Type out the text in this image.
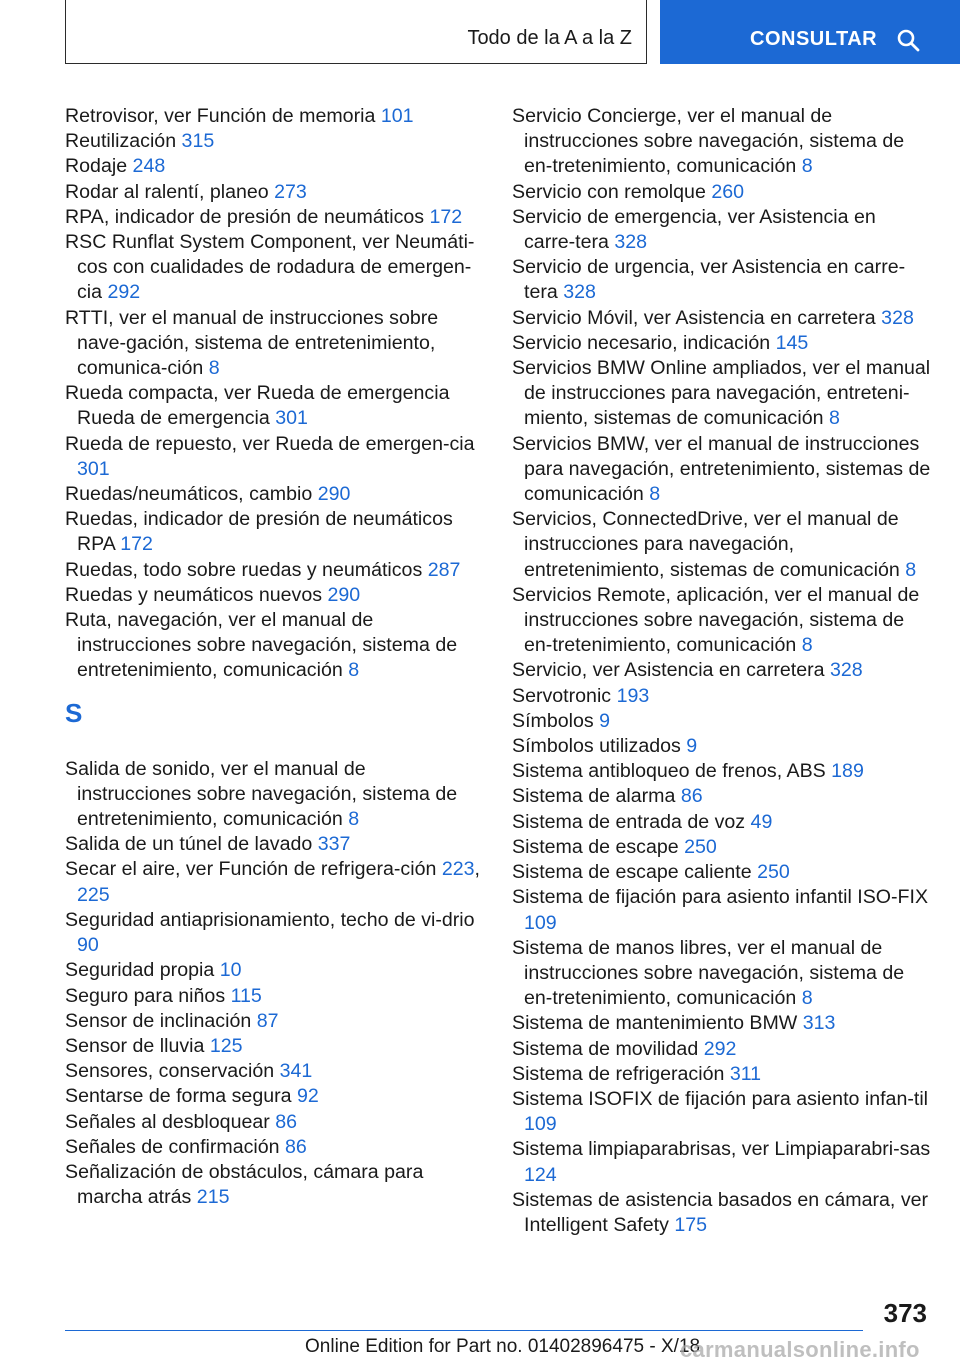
Todo de la A a la Z	CONSULTAR
Retrovisor, ver Función de memoria 101
Reutilización 315
Rodaje 248
Rodar al ralentí, planeo 273
RPA, indicador de presión de neumáticos 172
RSC Runflat System Component, ver Neumáti-cos con cualidades de rodadura de emergen-cia 292
RTTI, ver el manual de instrucciones sobre nave-gación, sistema de entretenimiento, comunica-ción 8
Rueda compacta, ver Rueda de emergencia Rueda de emergencia 301
Rueda de repuesto, ver Rueda de emergen-cia 301
Ruedas/neumáticos, cambio 290
Ruedas, indicador de presión de neumáticos RPA 172
Ruedas, todo sobre ruedas y neumáticos 287
Ruedas y neumáticos nuevos 290
Ruta, navegación, ver el manual de instrucciones sobre navegación, sistema de entretenimiento, comunicación 8
S
Salida de sonido, ver el manual de instrucciones sobre navegación, sistema de entretenimiento, comunicación 8
Salida de un túnel de lavado 337
Secar el aire, ver Función de refrigera-ción 223, 225
Seguridad antiaprisionamiento, techo de vi-drio 90
Seguridad propia 10
Seguro para niños 115
Sensor de inclinación 87
Sensor de lluvia 125
Sensores, conservación 341
Sentarse de forma segura 92
Señales al desbloquear 86
Señales de confirmación 86
Señalización de obstáculos, cámara para marcha atrás 215
Servicio Concierge, ver el manual de instrucciones sobre navegación, sistema de en-tretenimiento, comunicación 8
Servicio con remolque 260
Servicio de emergencia, ver Asistencia en carre-tera 328
Servicio de urgencia, ver Asistencia en carre-tera 328
Servicio Móvil, ver Asistencia en carretera 328
Servicio necesario, indicación 145
Servicios BMW Online ampliados, ver el manual de instrucciones para navegación, entreteni-miento, sistemas de comunicación 8
Servicios BMW, ver el manual de instrucciones para navegación, entretenimiento, sistemas de comunicación 8
Servicios, ConnectedDrive, ver el manual de instrucciones para navegación, entretenimiento, sistemas de comunicación 8
Servicios Remote, aplicación, ver el manual de instrucciones sobre navegación, sistema de en-tretenimiento, comunicación 8
Servicio, ver Asistencia en carretera 328
Servotronic 193
Símbolos 9
Símbolos utilizados 9
Sistema antibloqueo de frenos, ABS 189
Sistema de alarma 86
Sistema de entrada de voz 49
Sistema de escape 250
Sistema de escape caliente 250
Sistema de fijación para asiento infantil ISO-FIX 109
Sistema de manos libres, ver el manual de instrucciones sobre navegación, sistema de en-tretenimiento, comunicación 8
Sistema de mantenimiento BMW 313
Sistema de movilidad 292
Sistema de refrigeración 311
Sistema ISOFIX de fijación para asiento infan-til 109
Sistema limpiaparabrisas, ver Limpiaparabri-sas 124
Sistemas de asistencia basados en cámara, ver Intelligent Safety 175
373
Online Edition for Part no. 01402896475 - X/18
carmanualsonline.info
